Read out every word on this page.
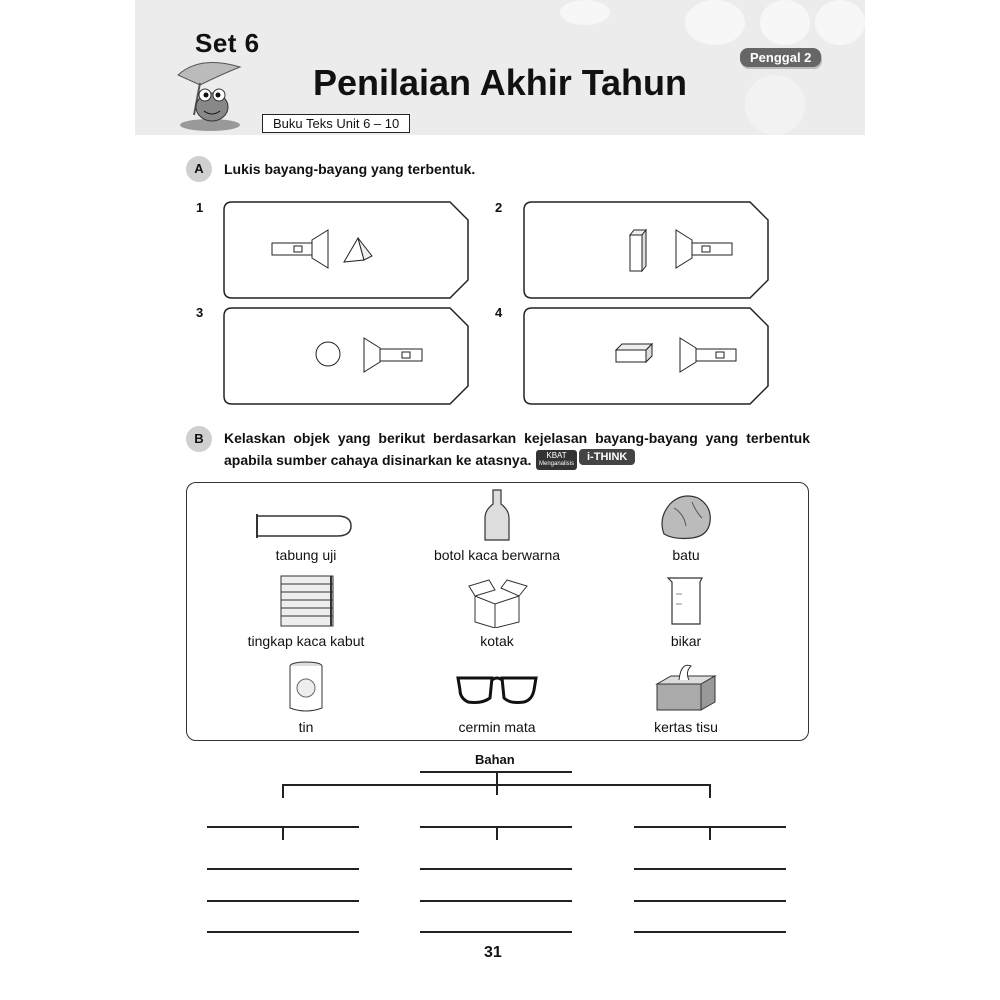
Set 6
Penilaian Akhir Tahun
Buku Teks Unit 6 – 10
Penggal 2
A	Lukis bayang-bayang yang terbentuk.
1	2
3	4
B	Kelaskan objek yang berikut berdasarkan kejelasan bayang-bayang yang terbentuk
apabila sumber cahaya disinarkan ke atasnya.	KBAT
Menganalisis
i-THINK
tabung uji	botol kaca berwarna	batu
tingkap kaca kabut	kotak	bikar
tin	cermin mata	kertas tisu
Bahan
31
